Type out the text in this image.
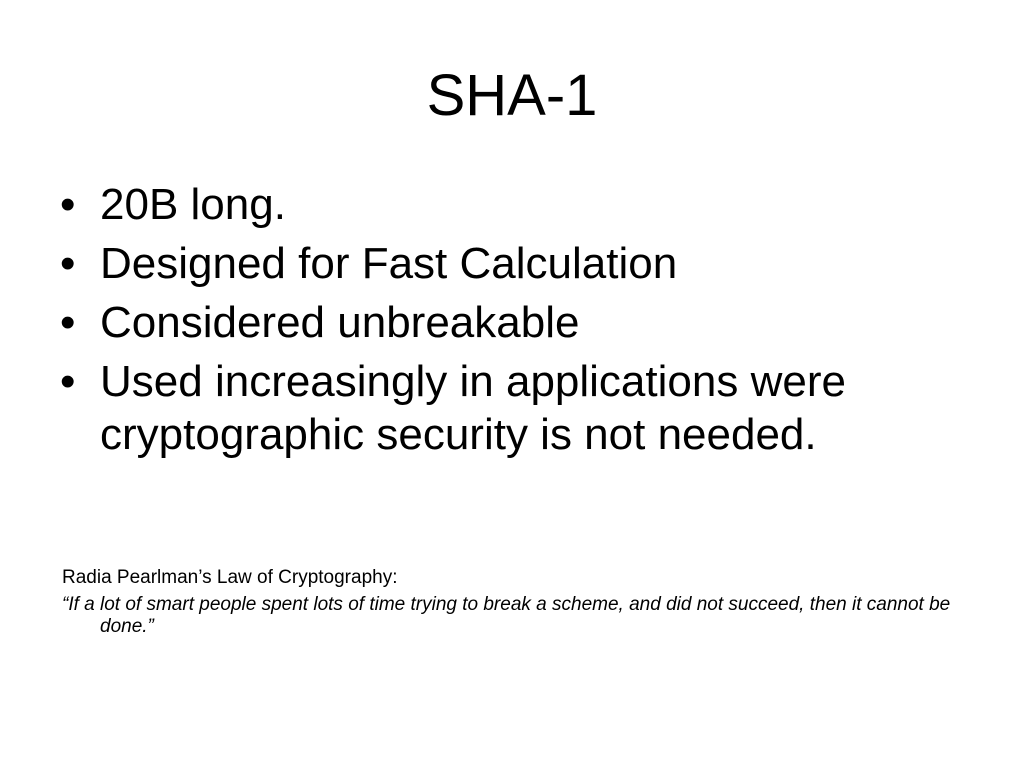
SHA-1
• 20B long.
• Designed for Fast Calculation
• Considered unbreakable
• Used increasingly in applications were cryptographic security is not needed.

Radia Pearlman’s Law of Cryptography:

“If a lot of smart people spent lots of time trying to break a scheme, and did not succeed, then it cannot be done.”
